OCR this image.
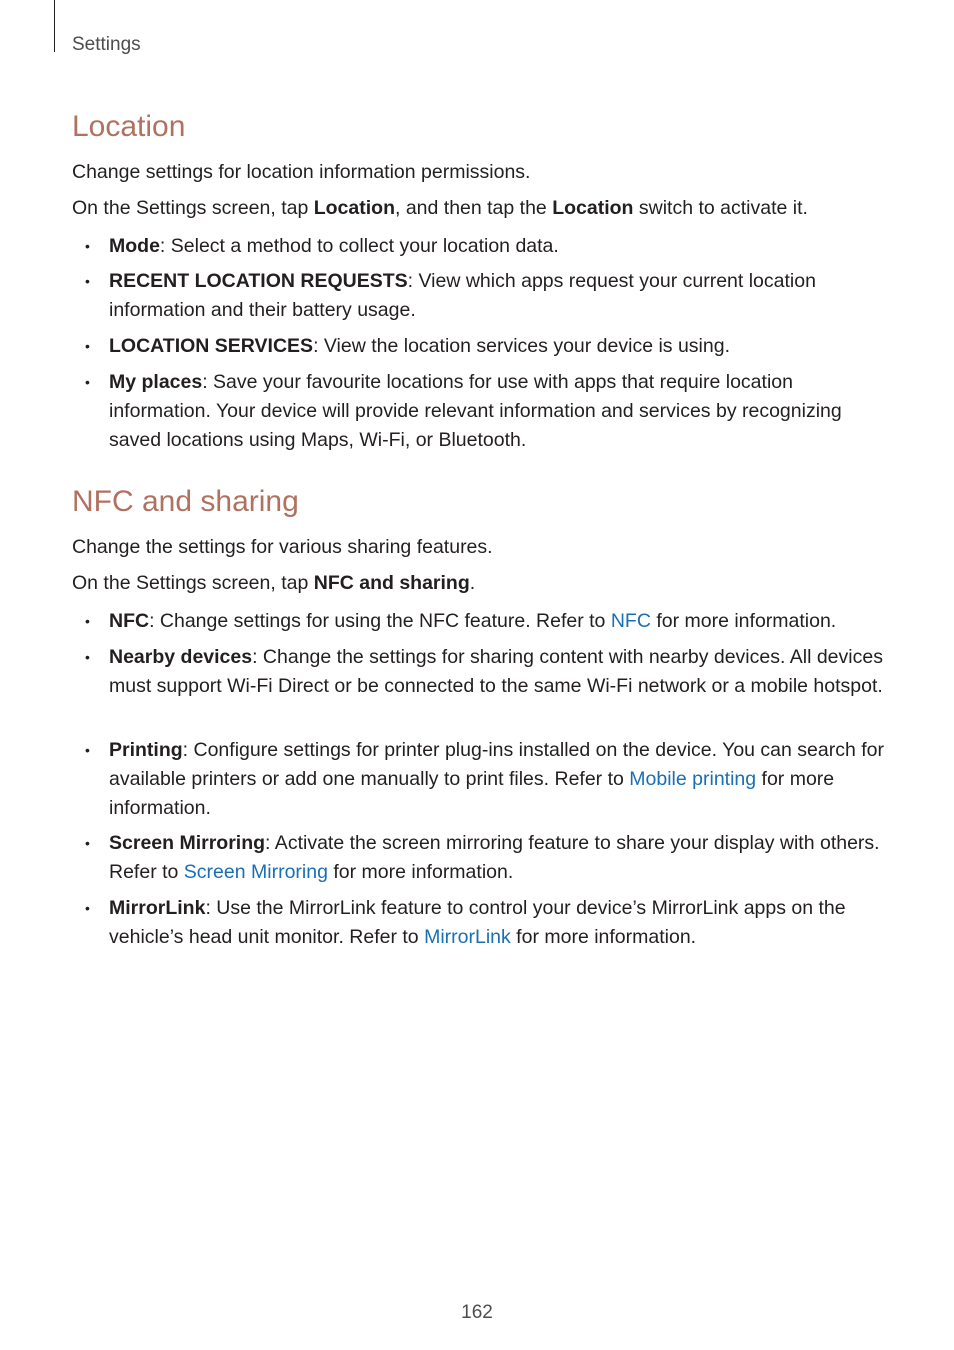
Settings
Location

Change settings for location information permissions.

On the Settings screen, tap Location, and then tap the Location switch to activate it.

• Mode: Select a method to collect your location data.

• RECENT LOCATION REQUESTS: View which apps request your current location information and their battery usage.

• LOCATION SERVICES: View the location services your device is using.

• My places: Save your favourite locations for use with apps that require location information. Your device will provide relevant information and services by recognizing saved locations using Maps, Wi-Fi, or Bluetooth.

NFC and sharing

Change the settings for various sharing features.

On the Settings screen, tap NFC and sharing.

• NFC: Change settings for using the NFC feature. Refer to NFC for more information.

• Nearby devices: Change the settings for sharing content with nearby devices. All devices must support Wi-Fi Direct or be connected to the same Wi-Fi network or a mobile hotspot.

• Printing: Configure settings for printer plug-ins installed on the device. You can search for available printers or add one manually to print files. Refer to Mobile printing for more information.

• Screen Mirroring: Activate the screen mirroring feature to share your display with others. Refer to Screen Mirroring for more information.

• MirrorLink: Use the MirrorLink feature to control your device’s MirrorLink apps on the vehicle’s head unit monitor. Refer to MirrorLink for more information.

162
